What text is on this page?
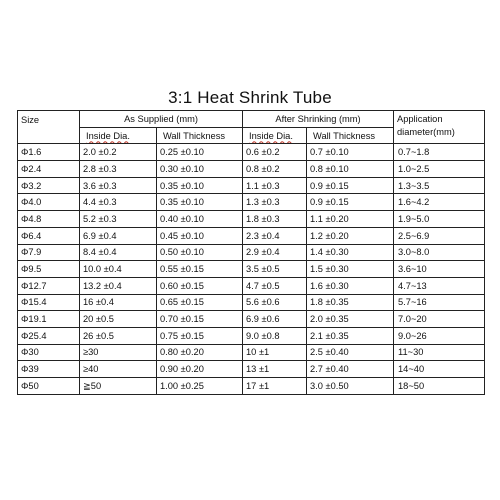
3:1 Heat Shrink Tube
Size	As Supplied (mm)		After Shrinking (mm)		Application
diameter(mm)
	Inside Dia.	Wall Thickness	Inside Dia.	Wall Thickness	
Φ1.6	2.0 ±0.2	0.25 ±0.10	0.6 ±0.2	0.7 ±0.10	0.7~1.8
Φ2.4	2.8 ±0.3	0.30 ±0.10	0.8 ±0.2	0.8 ±0.10	1.0~2.5
Φ3.2	3.6 ±0.3	0.35 ±0.10	1.1 ±0.3	0.9 ±0.15	1.3~3.5
Φ4.0	4.4 ±0.3	0.35 ±0.10	1.3 ±0.3	0.9 ±0.15	1.6~4.2
Φ4.8	5.2 ±0.3	0.40 ±0.10	1.8 ±0.3	1.1 ±0.20	1.9~5.0
Φ6.4	6.9 ±0.4	0.45 ±0.10	2.3 ±0.4	1.2 ±0.20	2.5~6.9
Φ7.9	8.4 ±0.4	0.50 ±0.10	2.9 ±0.4	1.4 ±0.30	3.0~8.0
Φ9.5	10.0 ±0.4	0.55 ±0.15	3.5 ±0.5	1.5 ±0.30	3.6~10
Φ12.7	13.2 ±0.4	0.60 ±0.15	4.7 ±0.5	1.6 ±0.30	4.7~13
Φ15.4	16 ±0.4	0.65 ±0.15	5.6 ±0.6	1.8 ±0.35	5.7~16
Φ19.1	20 ±0.5	0.70 ±0.15	6.9 ±0.6	2.0 ±0.35	7.0~20
Φ25.4	26 ±0.5	0.75 ±0.15	9.0 ±0.8	2.1 ±0.35	9.0~26
Φ30	≥30	0.80 ±0.20	10 ±1	2.5 ±0.40	11~30
Φ39	≥40	0.90 ±0.20	13 ±1	2.7 ±0.40	14~40
Φ50	≧50	1.00 ±0.25	17 ±1	3.0 ±0.50	18~50
